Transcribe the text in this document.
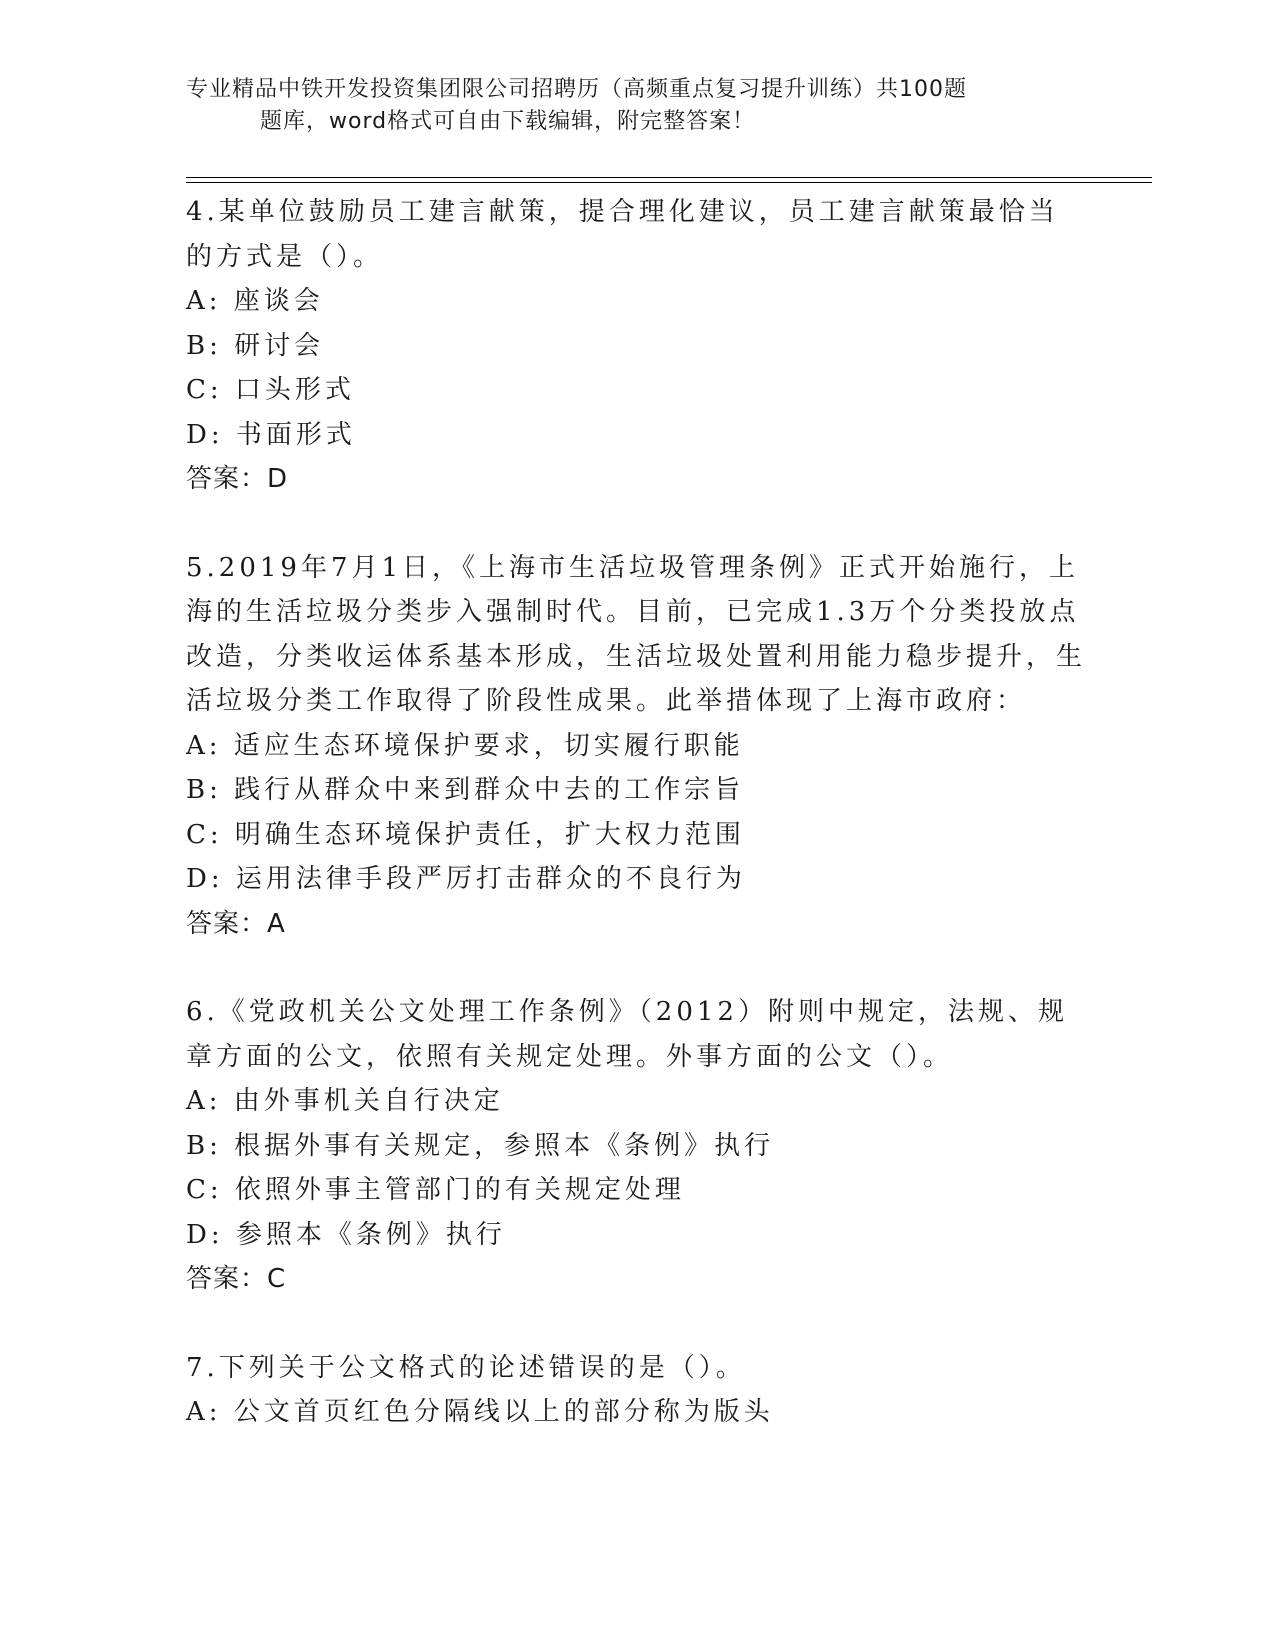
专业精品中铁开发投资集团限公司招聘历（高频重点复习提升训练）共100题
题库，word格式可自由下载编辑，附完整答案！

4.某单位鼓励员工建言献策，提合理化建议，员工建言献策最恰当的方式是（）。

A: 座谈会

B: 研讨会

C: 口头形式

D: 书面形式

答案：D

5.2019年7月1日，《上海市生活垃圾管理条例》正式开始施行，上海的生活垃圾分类步入强制时代。目前，已完成1.3万个分类投放点改造，分类收运体系基本形成，生活垃圾处置利用能力稳步提升，生活垃圾分类工作取得了阶段性成果。此举措体现了上海市政府：

A: 适应生态环境保护要求，切实履行职能

B: 践行从群众中来到群众中去的工作宗旨

C: 明确生态环境保护责任，扩大权力范围

D: 运用法律手段严厉打击群众的不良行为

答案：A

6.《党政机关公文处理工作条例》（2012）附则中规定，法规、规章方面的公文，依照有关规定处理。外事方面的公文（）。

A: 由外事机关自行决定

B: 根据外事有关规定，参照本《条例》执行

C: 依照外事主管部门的有关规定处理

D: 参照本《条例》执行

答案：C

7.下列关于公文格式的论述错误的是（）。

A: 公文首页红色分隔线以上的部分称为版头
